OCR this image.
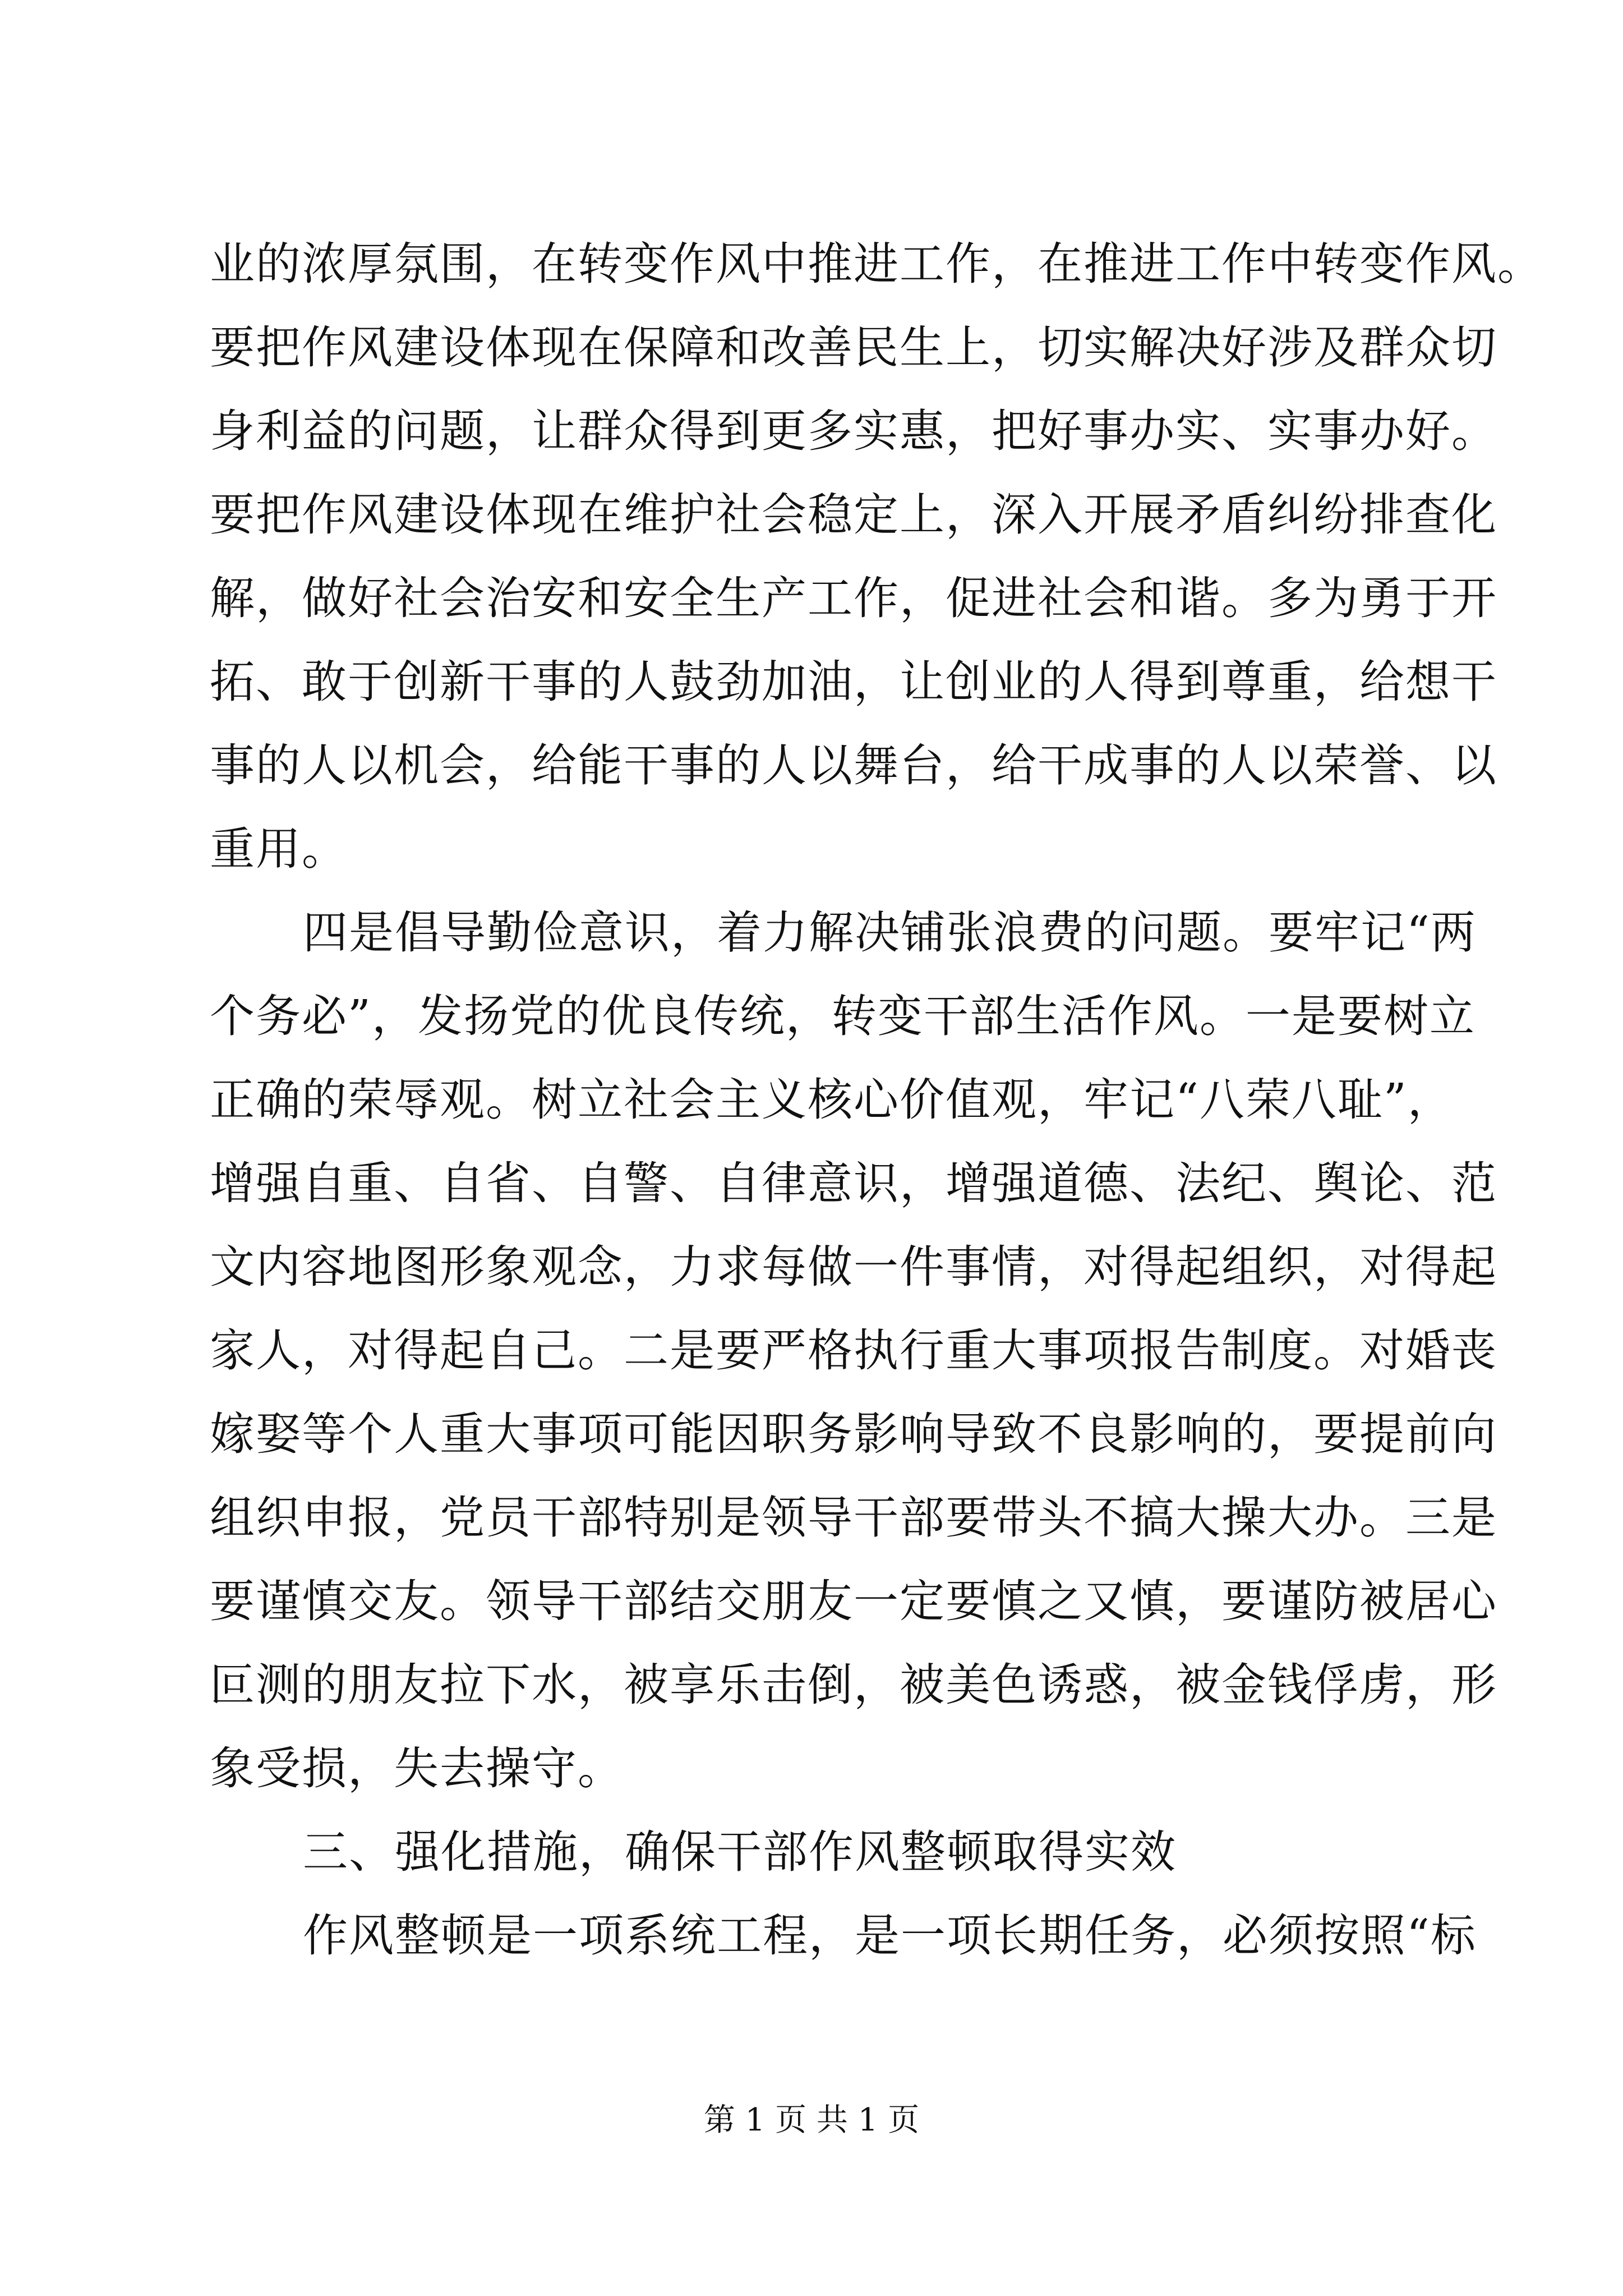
业的浓厚氛围，在转变作风中推进工作，在推进工作中转变作风。
要把作风建设体现在保障和改善民生上，切实解决好涉及群众切
身利益的问题，让群众得到更多实惠，把好事办实、实事办好。
要把作风建设体现在维护社会稳定上，深入开展矛盾纠纷排查化
解，做好社会治安和安全生产工作，促进社会和谐。多为勇于开
拓、敢于创新干事的人鼓劲加油，让创业的人得到尊重，给想干
事的人以机会，给能干事的人以舞台，给干成事的人以荣誉、以
重用。
四是倡导勤俭意识，着力解决铺张浪费的问题。要牢记“两
个务必”，发扬党的优良传统，转变干部生活作风。一是要树立
正确的荣辱观。树立社会主义核心价值观，牢记“八荣八耻”，
增强自重、自省、自警、自律意识，增强道德、法纪、舆论、范
文内容地图形象观念，力求每做一件事情，对得起组织，对得起
家人，对得起自己。二是要严格执行重大事项报告制度。对婚丧
嫁娶等个人重大事项可能因职务影响导致不良影响的，要提前向
组织申报，党员干部特别是领导干部要带头不搞大操大办。三是
要谨慎交友。领导干部结交朋友一定要慎之又慎，要谨防被居心
叵测的朋友拉下水，被享乐击倒，被美色诱惑，被金钱俘虏，形
象受损，失去操守。
三、强化措施，确保干部作风整顿取得实效
作风整顿是一项系统工程，是一项长期任务，必须按照“标
第 1 页 共 1 页
